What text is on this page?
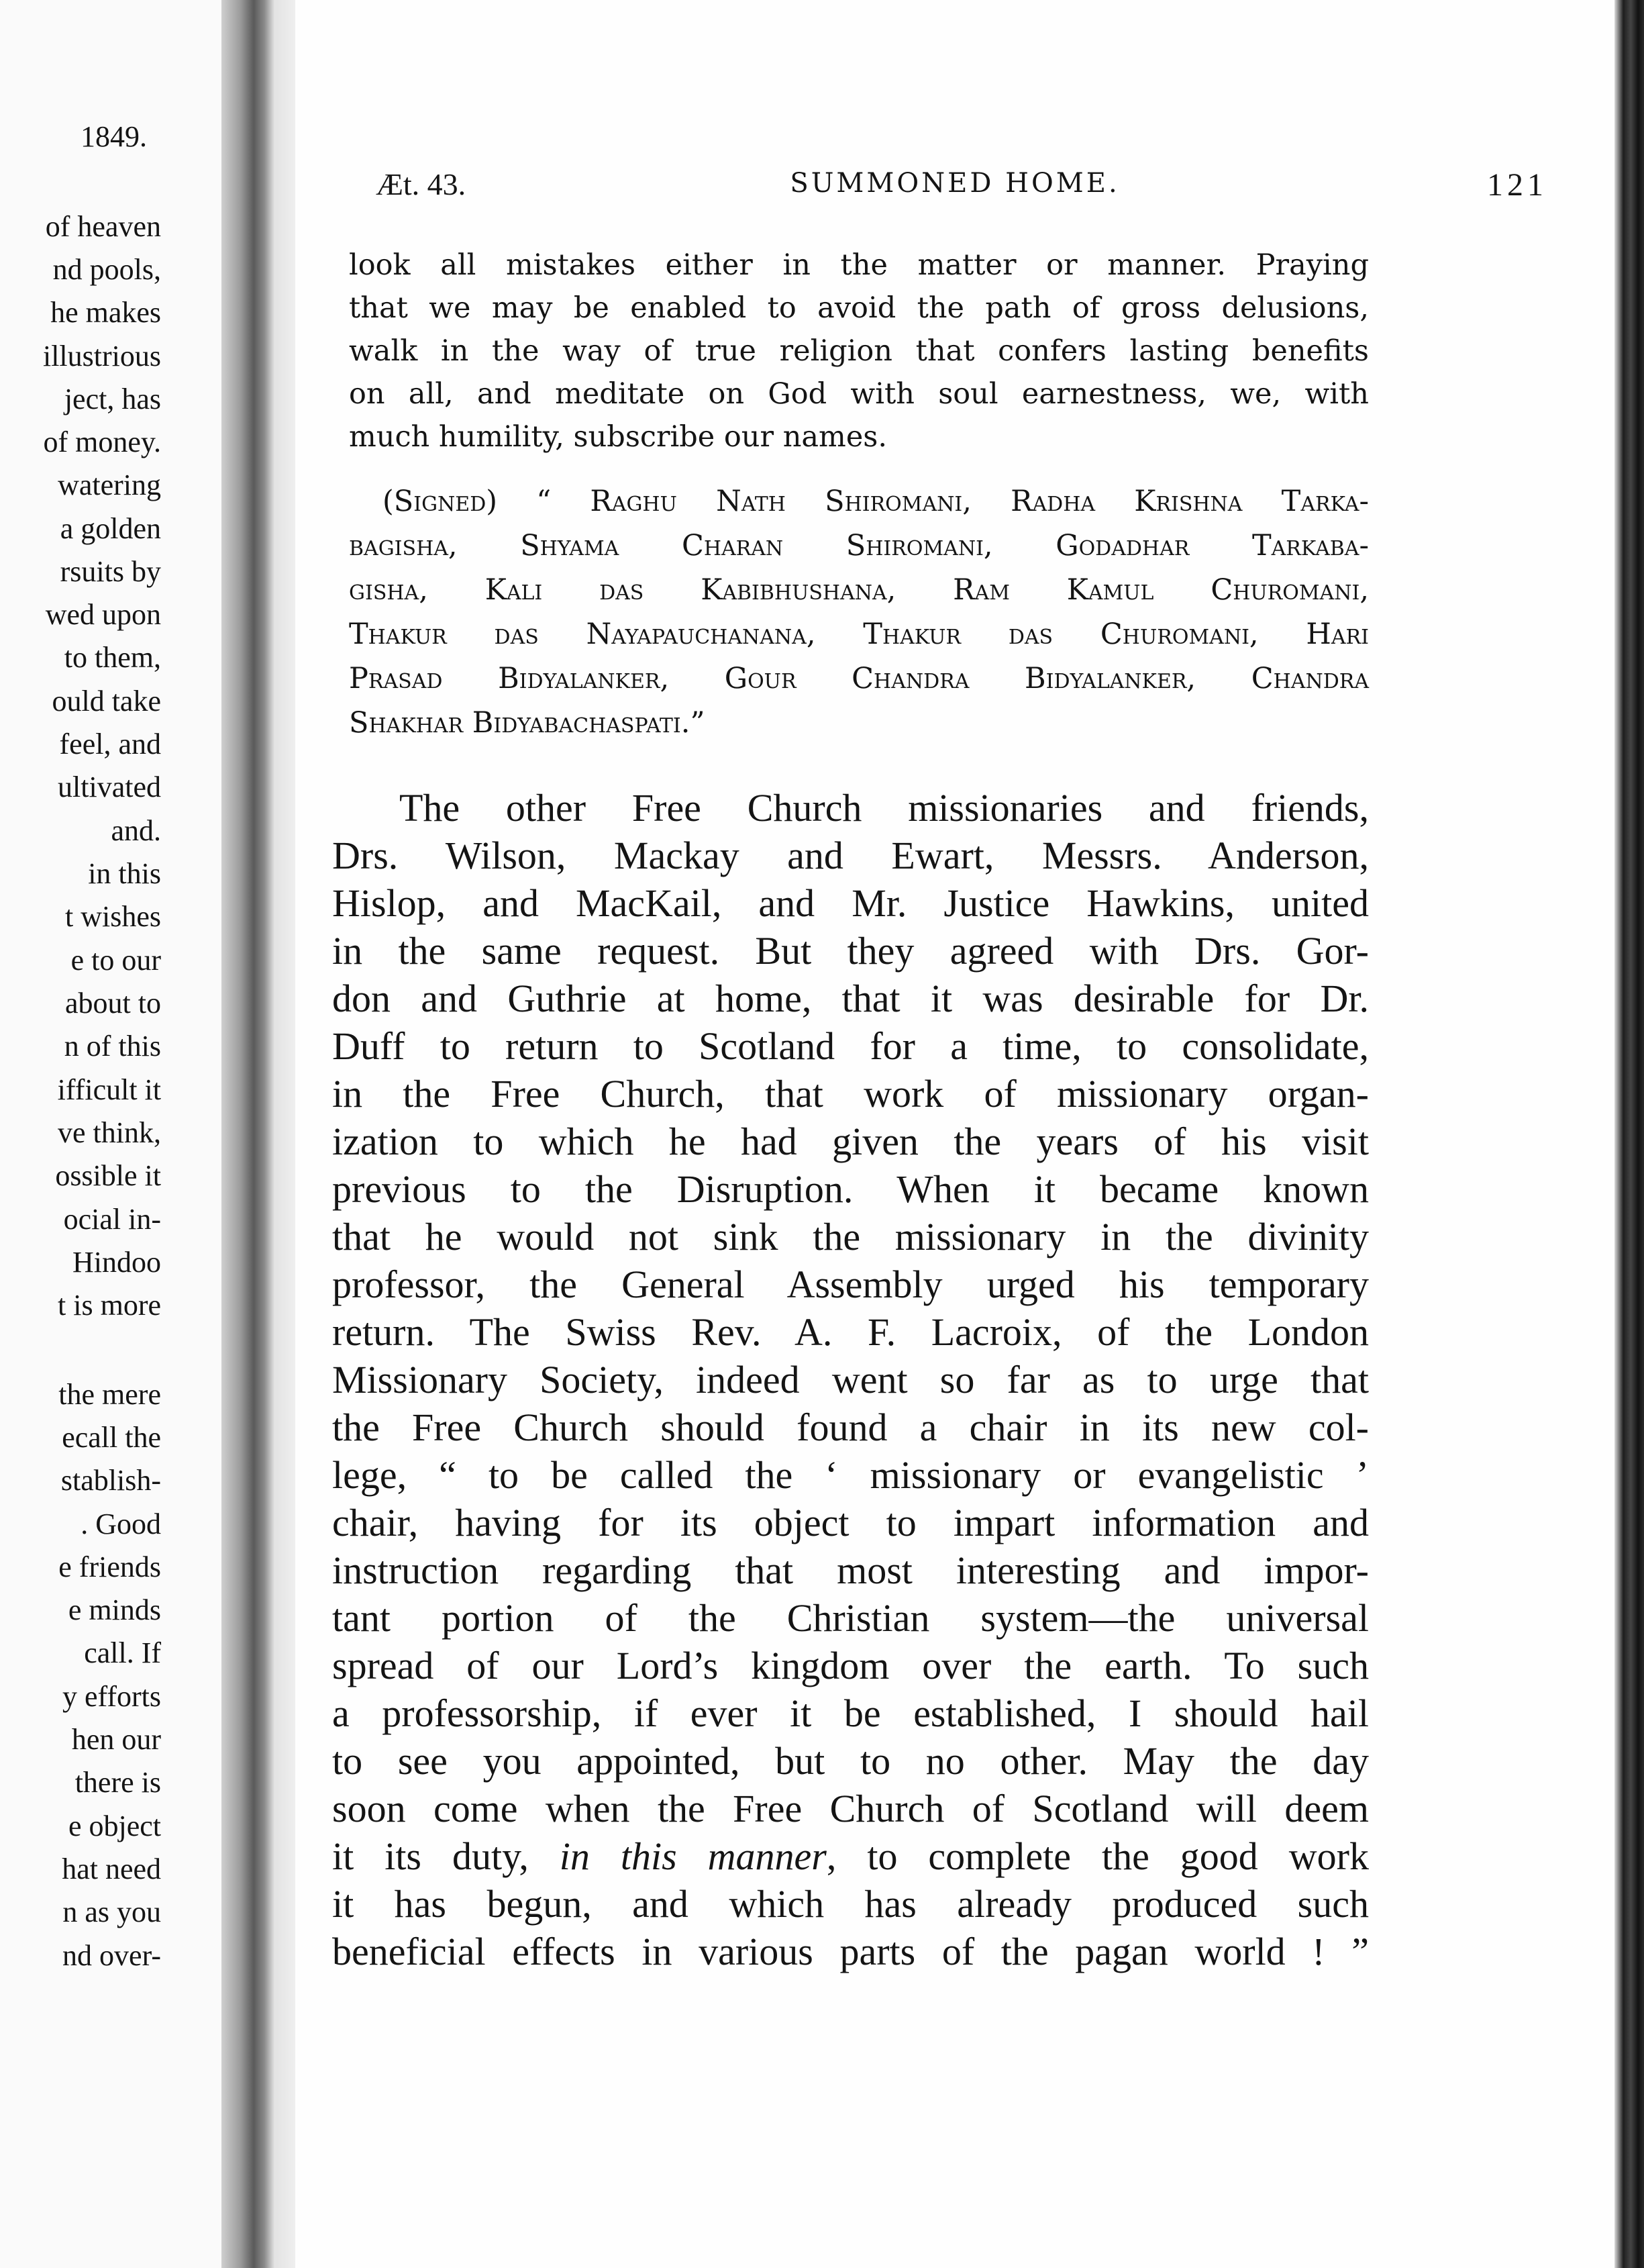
1849.
of heaven
nd pools,
he makes
illustrious
ject, has
of money.
watering
a golden
rsuits by
wed upon
to them,
ould take
feel, and
ultivated
and.
in this
t wishes
e to our
about to
n of this
ifficult it
ve think,
ossible it
ocial in-
Hindoo
t is more
the mere
ecall the
stablish-
. Good
e friends
e minds
call. If
y efforts
hen our
there is
e object
hat need
n as you
nd over-
Æt. 43.	SUMMONED HOME.	121
look all mistakes either in the matter or manner. Praying
that we may be enabled to avoid the path of gross delusions,
walk in the way of true religion that confers lasting benefits
on all, and meditate on God with soul earnestness, we, with
much humility, subscribe our names.
(Signed) “ Raghu Nath Shiromani, Radha Krishna Tarka-
bagisha, Shyama Charan Shiromani, Godadhar Tarkaba-
gisha, Kali das Kabibhushana, Ram Kamul Churomani,
Thakur das Nayapauchanana, Thakur das Churomani, Hari
Prasad Bidyalanker, Gour Chandra Bidyalanker, Chandra
Shakhar Bidyabachaspati.”
The other Free Church missionaries and friends,
Drs. Wilson, Mackay and Ewart, Messrs. Anderson,
Hislop, and MacKail, and Mr. Justice Hawkins, united
in the same request. But they agreed with Drs. Gor-
don and Guthrie at home, that it was desirable for Dr.
Duff to return to Scotland for a time, to consolidate,
in the Free Church, that work of missionary organ-
ization to which he had given the years of his visit
previous to the Disruption. When it became known
that he would not sink the missionary in the divinity
professor, the General Assembly urged his temporary
return. The Swiss Rev. A. F. Lacroix, of the London
Missionary Society, indeed went so far as to urge that
the Free Church should found a chair in its new col-
lege, “ to be called the ‘ missionary or evangelistic ’
chair, having for its object to impart information and
instruction regarding that most interesting and impor-
tant portion of the Christian system—the universal
spread of our Lord’s kingdom over the earth. To such
a professorship, if ever it be established, I should hail
to see you appointed, but to no other. May the day
soon come when the Free Church of Scotland will deem
it its duty, in this manner, to complete the good work
it has begun, and which has already produced such
beneficial effects in various parts of the pagan world ! ”
